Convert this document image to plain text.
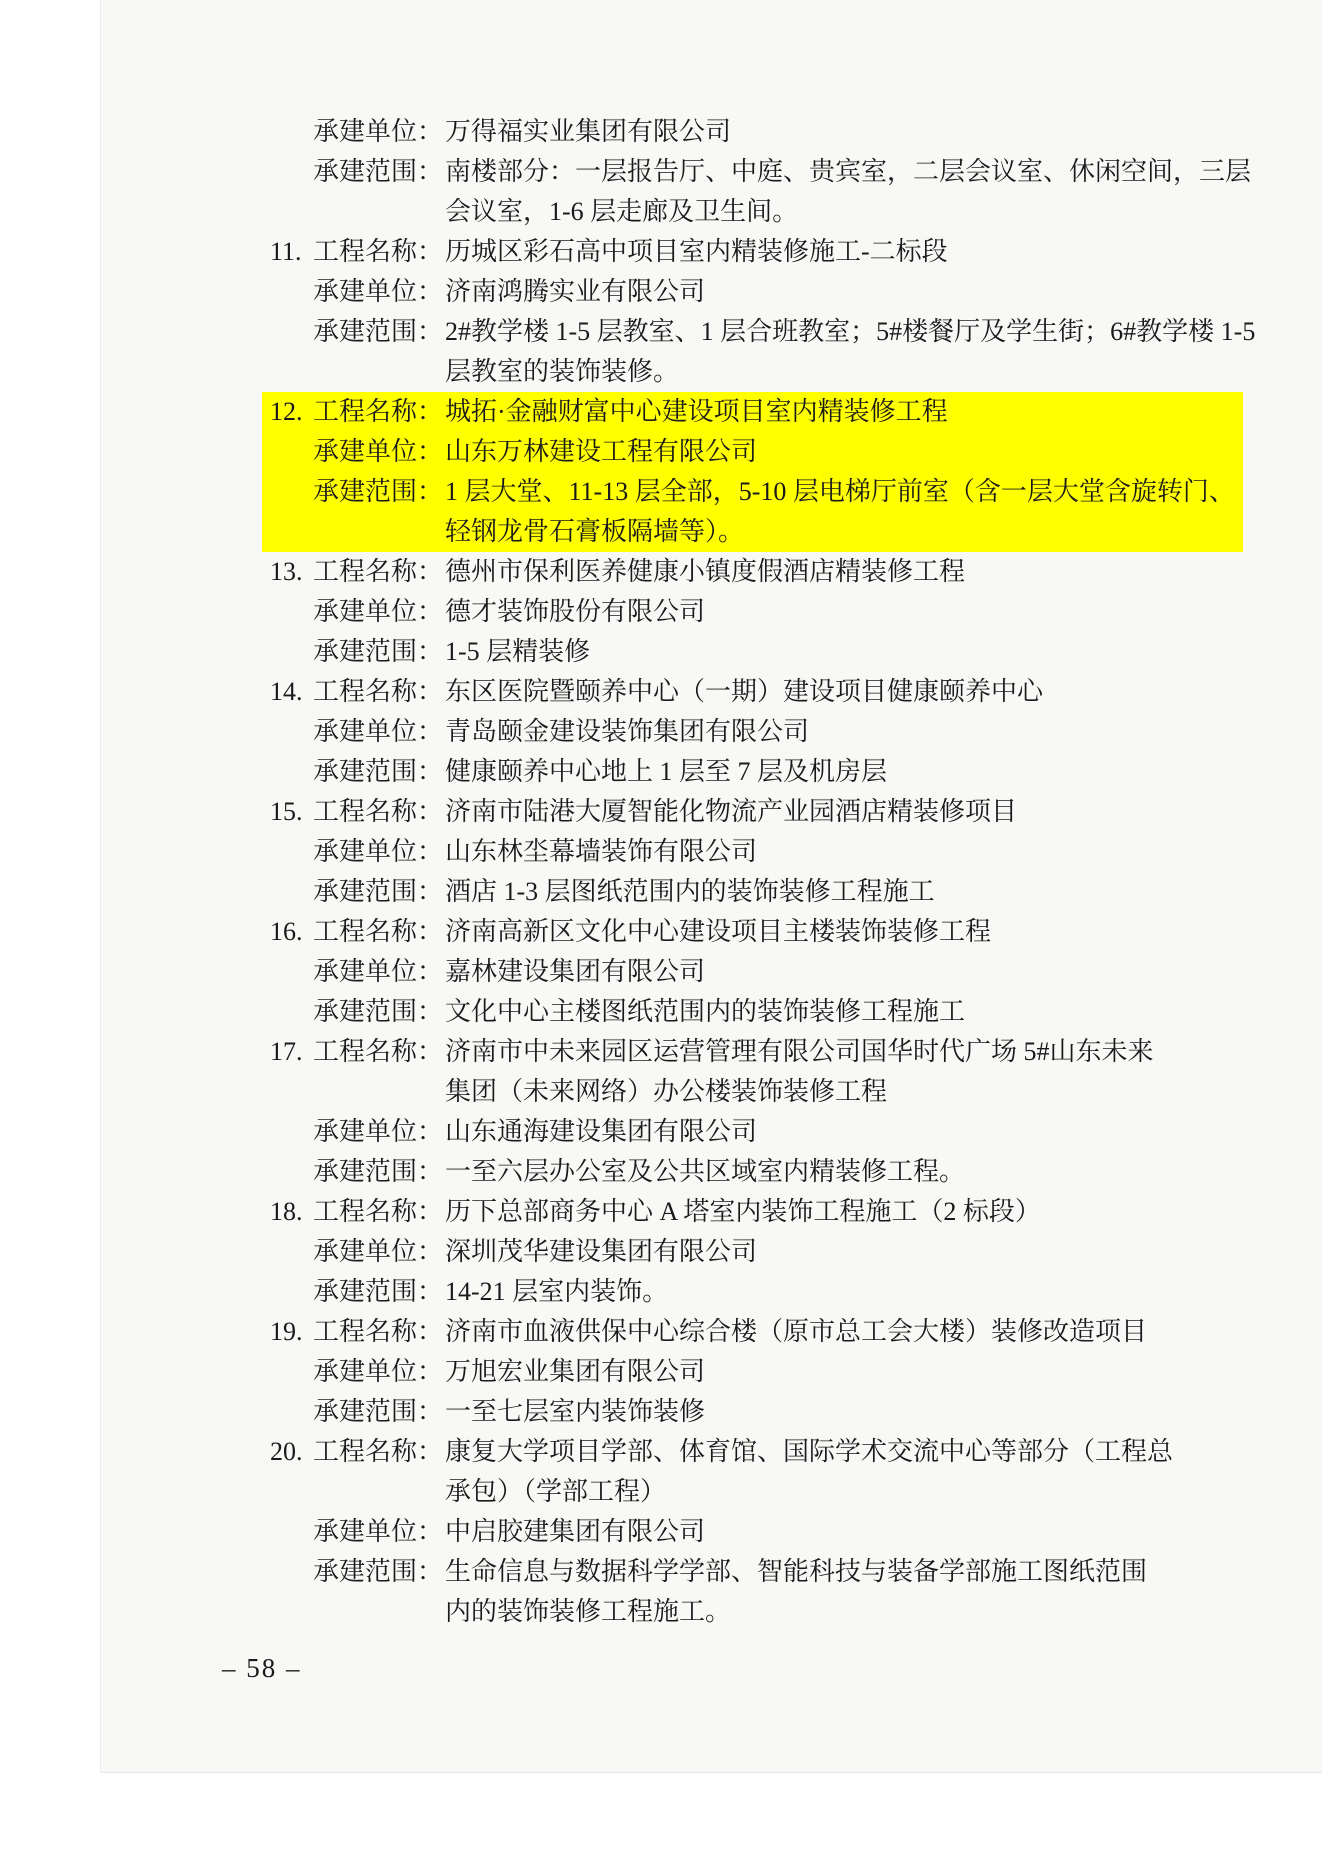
承建单位： 万得福实业集团有限公司
承建范围： 南楼部分：一层报告厅、中庭、贵宾室，二层会议室、休闲空间，三层
会议室，1-6 层走廊及卫生间。
11. 工程名称： 历城区彩石高中项目室内精装修施工-二标段
承建单位： 济南鸿腾实业有限公司
承建范围： 2#教学楼 1-5 层教室、1 层合班教室；5#楼餐厅及学生街；6#教学楼 1-5
层教室的装饰装修。
12. 工程名称： 城拓·金融财富中心建设项目室内精装修工程
承建单位： 山东万林建设工程有限公司
承建范围： 1 层大堂、11-13 层全部，5-10 层电梯厅前室（含一层大堂含旋转门、
轻钢龙骨石膏板隔墙等）。
13. 工程名称： 德州市保利医养健康小镇度假酒店精装修工程
承建单位： 德才装饰股份有限公司
承建范围： 1-5 层精装修
14. 工程名称： 东区医院暨颐养中心（一期）建设项目健康颐养中心
承建单位： 青岛颐金建设装饰集团有限公司
承建范围： 健康颐养中心地上 1 层至 7 层及机房层
15. 工程名称： 济南市陆港大厦智能化物流产业园酒店精装修项目
承建单位： 山东林坔幕墙装饰有限公司
承建范围： 酒店 1-3 层图纸范围内的装饰装修工程施工
16. 工程名称： 济南高新区文化中心建设项目主楼装饰装修工程
承建单位： 嘉林建设集团有限公司
承建范围： 文化中心主楼图纸范围内的装饰装修工程施工
17. 工程名称： 济南市中未来园区运营管理有限公司国华时代广场 5#山东未来
集团（未来网络）办公楼装饰装修工程
承建单位： 山东通海建设集团有限公司
承建范围： 一至六层办公室及公共区域室内精装修工程。
18. 工程名称： 历下总部商务中心 A 塔室内装饰工程施工（2 标段）
承建单位： 深圳茂华建设集团有限公司
承建范围： 14-21 层室内装饰。
19. 工程名称： 济南市血液供保中心综合楼（原市总工会大楼）装修改造项目
承建单位： 万旭宏业集团有限公司
承建范围： 一至七层室内装饰装修
20. 工程名称： 康复大学项目学部、体育馆、国际学术交流中心等部分（工程总
承包）（学部工程）
承建单位： 中启胶建集团有限公司
承建范围： 生命信息与数据科学学部、智能科技与装备学部施工图纸范围
内的装饰装修工程施工。
– 58 –
